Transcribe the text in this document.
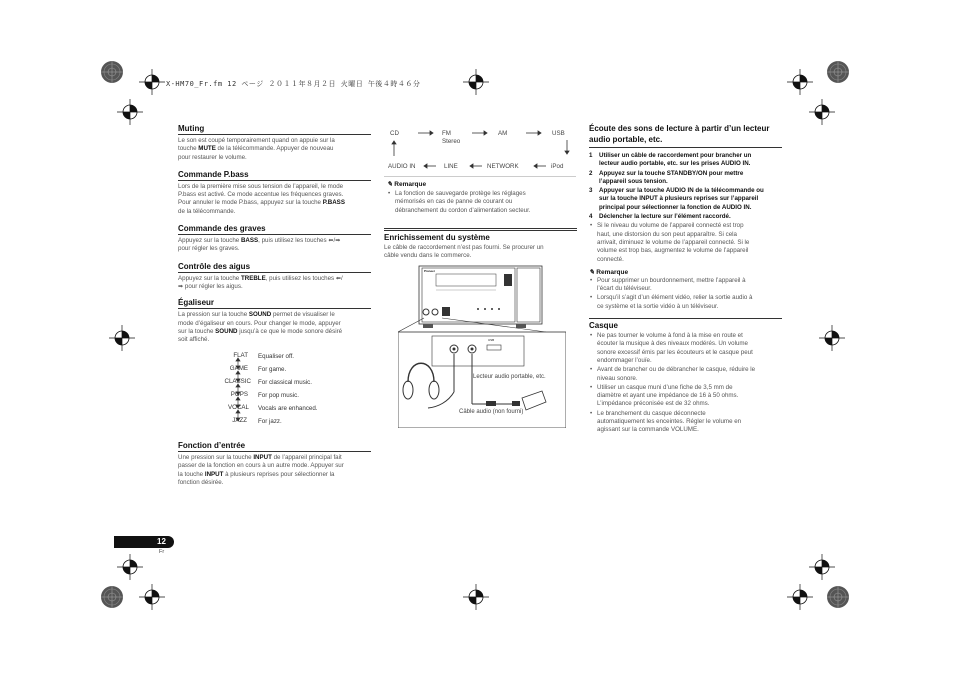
X-HM70_Fr.fm 12 ページ ２０１１年８月２日 火曜日 午後４時４６分
Muting
Le son est coupé temporairement quand on appuie sur la
touche MUTE de la télécommande. Appuyer de nouveau
pour restaurer le volume.
Commande P.bass
Lors de la première mise sous tension de l’appareil, le mode
P.bass est activé. Ce mode accentue les fréquences graves.
Pour annuler le mode P.bass, appuyez sur la touche P.BASS
de la télécommande.
Commande des graves
Appuyez sur la touche BASS, puis utilisez les touches ⬅/➡
pour régler les graves.
Contrôle des aigus
Appuyez sur la touche TREBLE, puis utilisez les touches ⬅/
➡ pour régler les aigus.
Égaliseur
La pression sur la touche SOUND permet de visualiser le
mode d’égaliseur en cours. Pour changer le mode, appuyer
sur la touche SOUND jusqu’à ce que le mode sonore désiré
soit affiché.
FLAT Equaliser off.
GAME For game.
CLASSIC For classical music.
POPS For pop music.
VOCAL Vocals are enhanced.
JAZZ For jazz.
Fonction d’entrée
Une pression sur la touche INPUT de l’appareil principal fait
passer de la fonction en cours à un autre mode. Appuyer sur
la touche INPUT à plusieurs reprises pour sélectionner la
fonction désirée.
CD	FM
Stereo
AM	USB
AUDIO IN	LINE	NETWORK	iPod
✎ Remarque
• La fonction de sauvegarde protège les réglages
mémorisés en cas de panne de courant ou
débranchement du cordon d’alimentation secteur.
Enrichissement du système
Le câble de raccordement n’est pas fourni. Se procurer un
câble vendu dans le commerce.
Pioneer
USB
Lecteur audio portable, etc.
Câble audio (non fourni)
Écoute des sons de lecture à partir d’un lecteur
audio portable, etc.
1 Utiliser un câble de raccordement pour brancher un
lecteur audio portable, etc. sur les prises AUDIO IN.
2 Appuyez sur la touche STANDBY/ON pour mettre
l’appareil sous tension.
3 Appuyer sur la touche AUDIO IN de la télécommande ou
sur la touche INPUT à plusieurs reprises sur l’appareil
principal pour sélectionner la fonction de AUDIO IN.
4 Déclencher la lecture sur l’élément raccordé.
• Si le niveau du volume de l’appareil connecté est trop
haut, une distorsion du son peut apparaître. Si cela
arrivait, diminuez le volume de l’appareil connecté. Si le
volume est trop bas, augmentez le volume de l’appareil
connecté.
✎ Remarque
• Pour supprimer un bourdonnement, mettre l’appareil à
l’écart du téléviseur.
• Lorsqu’il s’agit d’un élément vidéo, relier la sortie audio à
ce système et la sortie vidéo à un téléviseur.
Casque
• Ne pas tourner le volume à fond à la mise en route et
écouter la musique à des niveaux modérés. Un volume
sonore excessif émis par les écouteurs et le casque peut
endommager l’ouïe.
• Avant de brancher ou de débrancher le casque, réduire le
niveau sonore.
• Utiliser un casque muni d’une fiche de 3,5 mm de
diamètre et ayant une impédance de 16 à 50 ohms.
L’impédance préconisée est de 32 ohms.
• Le branchement du casque déconnecte
automatiquement les enceintes. Régler le volume en
agissant sur la commande VOLUME.
12
Fr
